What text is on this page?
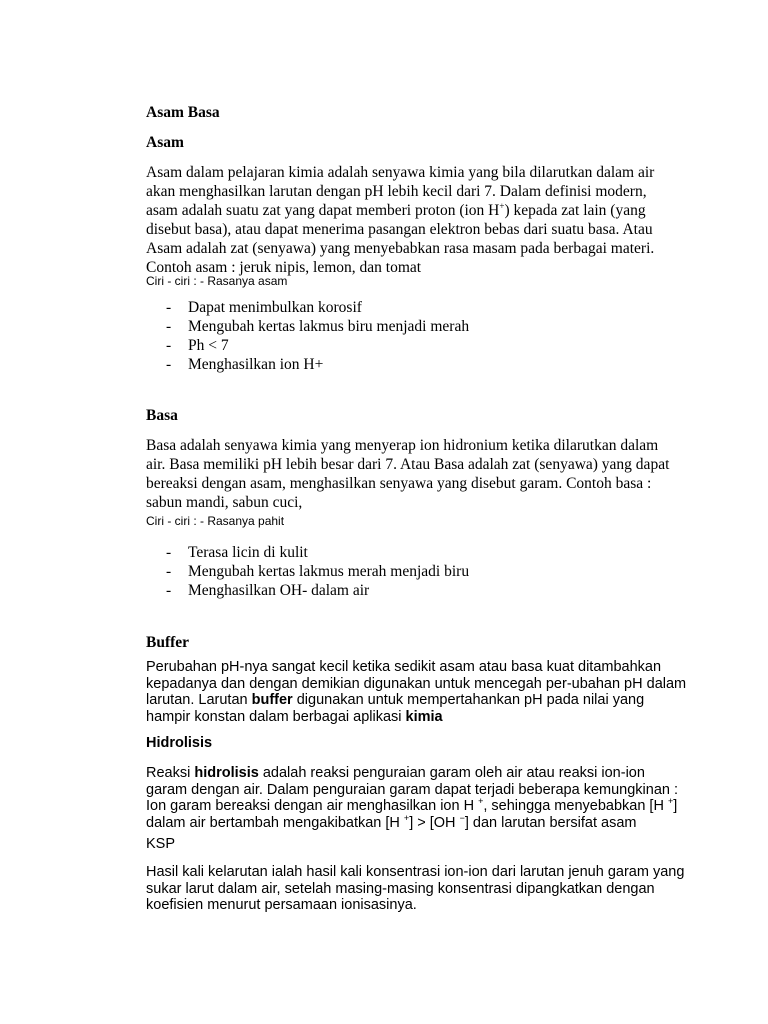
Asam Basa
Asam
Asam dalam pelajaran kimia adalah senyawa kimia yang bila dilarutkan dalam air
akan menghasilkan larutan dengan pH lebih kecil dari 7. Dalam definisi modern,
asam adalah suatu zat yang dapat memberi proton (ion H+) kepada zat lain (yang
disebut basa), atau dapat menerima pasangan elektron bebas dari suatu basa. Atau
Asam adalah zat (senyawa) yang menyebabkan rasa masam pada berbagai materi.
Contoh asam : jeruk nipis, lemon, dan tomat
Ciri - ciri : - Rasanya asam
- Dapat menimbulkan korosif
- Mengubah kertas lakmus biru menjadi merah
- Ph < 7
- Menghasilkan ion H+
Basa
Basa adalah senyawa kimia yang menyerap ion hidronium ketika dilarutkan dalam
air. Basa memiliki pH lebih besar dari 7. Atau Basa adalah zat (senyawa) yang dapat
bereaksi dengan asam, menghasilkan senyawa yang disebut garam. Contoh basa :
sabun mandi, sabun cuci,
Ciri - ciri : - Rasanya pahit
- Terasa licin di kulit
- Mengubah kertas lakmus merah menjadi biru
- Menghasilkan OH- dalam air
Buffer
Perubahan pH-nya sangat kecil ketika sedikit asam atau basa kuat ditambahkan
kepadanya dan dengan demikian digunakan untuk mencegah per-ubahan pH dalam
larutan. Larutan buffer digunakan untuk mempertahankan pH pada nilai yang
hampir konstan dalam berbagai aplikasi kimia
Hidrolisis
Reaksi hidrolisis adalah reaksi penguraian garam oleh air atau reaksi ion-ion
garam dengan air. Dalam penguraian garam dapat terjadi beberapa kemungkinan :
Ion garam bereaksi dengan air menghasilkan ion H +, sehingga menyebabkan [H +]
dalam air bertambah mengakibatkan [H +] > [OH −] dan larutan bersifat asam
KSP
Hasil kali kelarutan ialah hasil kali konsentrasi ion-ion dari larutan jenuh garam yang
sukar larut dalam air, setelah masing-masing konsentrasi dipangkatkan dengan
koefisien menurut persamaan ionisasinya.
